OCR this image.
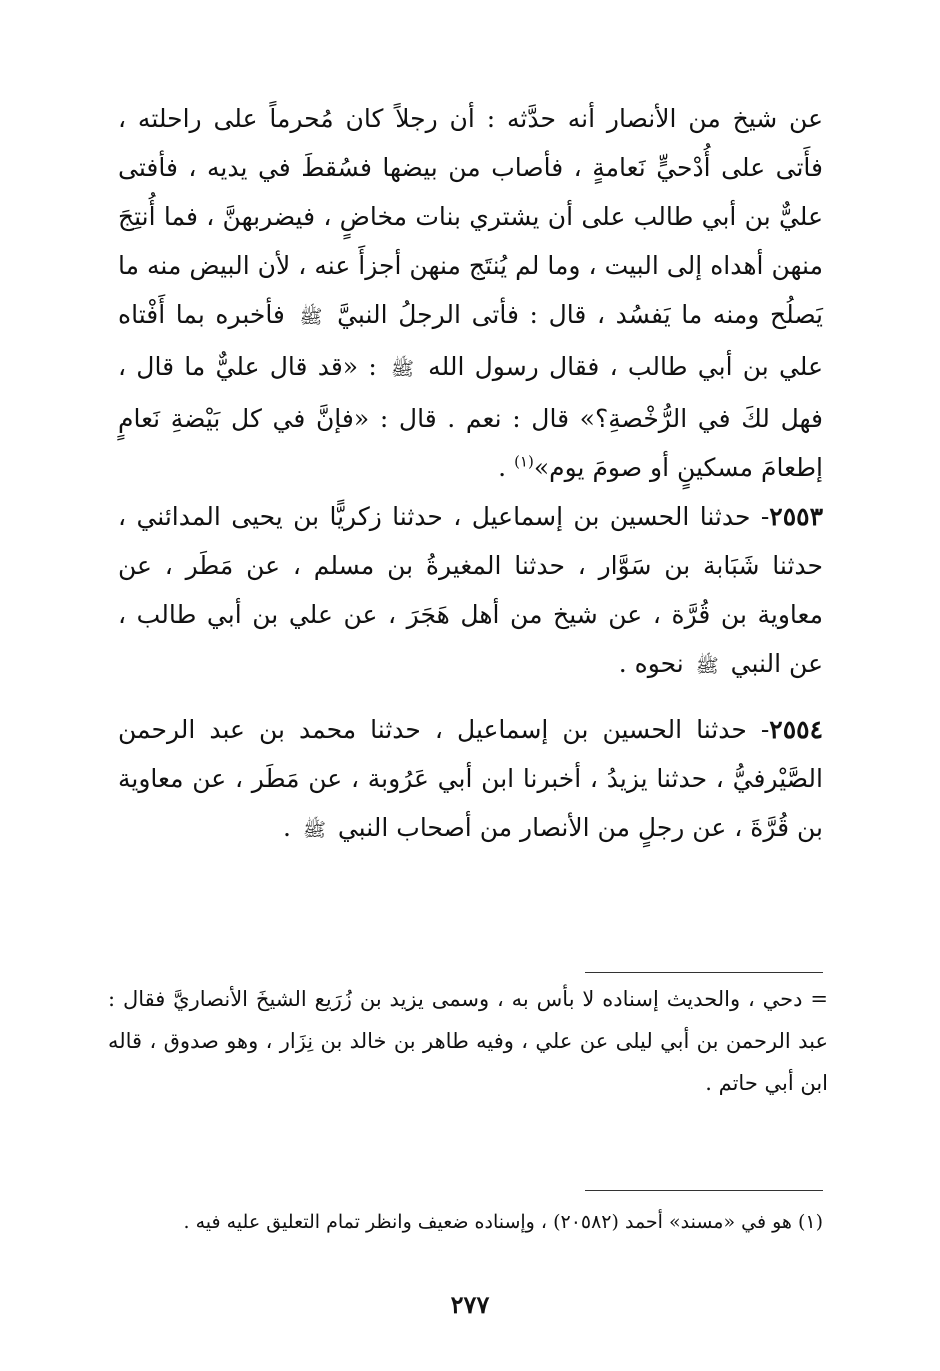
عن شيخ من الأنصار أنه حدَّثه : أن رجلاً كان مُحرماً على راحلته ، فأَتى على أُدْحيٍّ نَعامةٍ ، فأصاب من بيضها فسُقطَ في يديه ، فأفتى عليٌّ بن أبي طالب على أن يشتري بنات مخاضٍ ، فيضربهنَّ ، فما أُنتِجَ منهن أهداه إلى البيت ، وما لم يُنتَج منهن أجزأَ عنه ، لأن البيض منه ما يَصلُح ومنه ما يَفسُد ، قال : فأتى الرجلُ النبيَّ ﷺ فأخبره بما أَفْتاه علي بن أبي طالب ، فقال رسول الله ﷺ : «قد قال عليٌّ ما قال ، فهل لكَ في الرُّخْصةِ؟» قال : نعم . قال : «فإنَّ في كل بَيْضةِ نَعامٍ إطعامَ مسكينٍ أو صومَ يوم»$^{(١)}$ .

٢٥٥٣- حدثنا الحسين بن إسماعيل ، حدثنا زكريًّا بن يحيى المدائني ، حدثنا شَبَابة بن سَوَّار ، حدثنا المغيرةُ بن مسلم ، عن مَطَر ، عن معاوية بن قُرَّة ، عن شيخ من أهل هَجَرَ ، عن علي بن أبي طالب ، عن النبي ﷺ نحوه .

٢٥٥٤- حدثنا الحسين بن إسماعيل ، حدثنا محمد بن عبد الرحمن الصَّيْرفيُّ ، حدثنا يزيدُ ، أخبرنا ابن أبي عَرُوبة ، عن مَطَر ، عن معاوية بن قُرَّةَ ، عن رجلٍ من الأنصار من أصحاب النبي ﷺ .

= دحي ، والحديث إسناده لا بأس به ، وسمى يزيد بن زُرَيع الشيخَ الأنصاريَّ فقال : عبد الرحمن بن أبي ليلى عن علي ، وفيه طاهر بن خالد بن نِزَار ، وهو صدوق ، قاله ابن أبي حاتم .

(١) هو في «مسند» أحمد (٢٠٥٨٢) ، وإسناده ضعيف وانظر تمام التعليق عليه فيه .

٢٧٧
